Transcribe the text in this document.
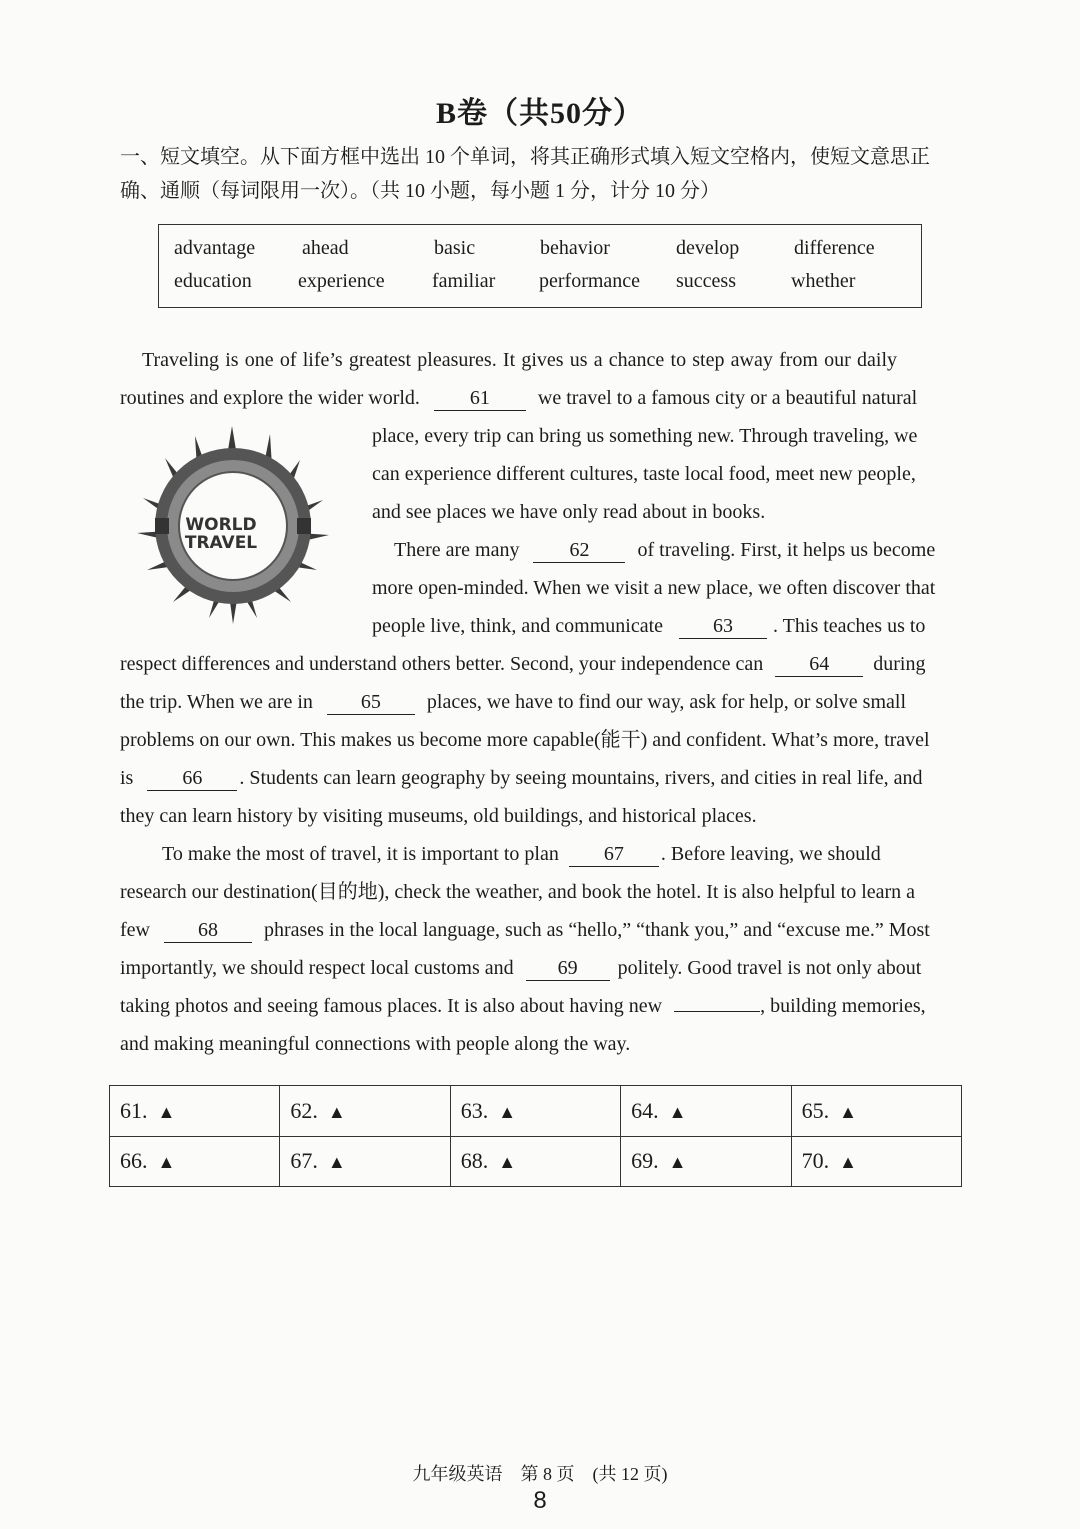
B卷（共50分）
一、短文填空。从下面方框中选出 10 个单词，将其正确形式填入短文空格内，使短文意思正
确、通顺（每词限用一次）。（共 10 小题，每小题 1 分，计分 10 分）
advantage ahead	basic	behavior	develop	difference
education experience familiar performance success	whether
WORLD
TRAVEL
Traveling is one of life’s greatest pleasures. It gives us a chance to step away from our daily
routines and explore the wider world.	61 we travel to a famous city or a beautiful natural
place, every trip can bring us something new. Through traveling, we
can experience different cultures, taste local food, meet new people,
and see places we have only read about in books.
There are many	62 of traveling. First, it helps us become
more open-minded. When we visit a new place, we often discover that
people live, think, and communicate	63 . This teaches us to
respect differences and understand others better. Second, your independence can 64 during
the trip. When we are in 65 places, we have to find our way, ask for help, or solve small
problems on our own. This makes us become more capable(能干) and confident. What’s more, travel
is 66 . Students can learn geography by seeing mountains, rivers, and cities in real life, and
they can learn history by visiting museums, old buildings, and historical places.
To make the most of travel, it is important to plan 67 . Before leaving, we should
research our destination(目的地), check the weather, and book the hotel. It is also helpful to learn a
few 68 phrases in the local language, such as “hello,” “thank you,” and “excuse me.” Most
importantly, we should respect local customs and 69 politely. Good travel is not only about
taking photos and seeing famous places. It is also about having new	, building memories,
and making meaningful connections with people along the way.
61. ▲	62. ▲	63. ▲	64. ▲	65. ▲
66. ▲	67. ▲	68. ▲	69. ▲	70. ▲
九年级英语　第 8 页　(共 12 页)
8
